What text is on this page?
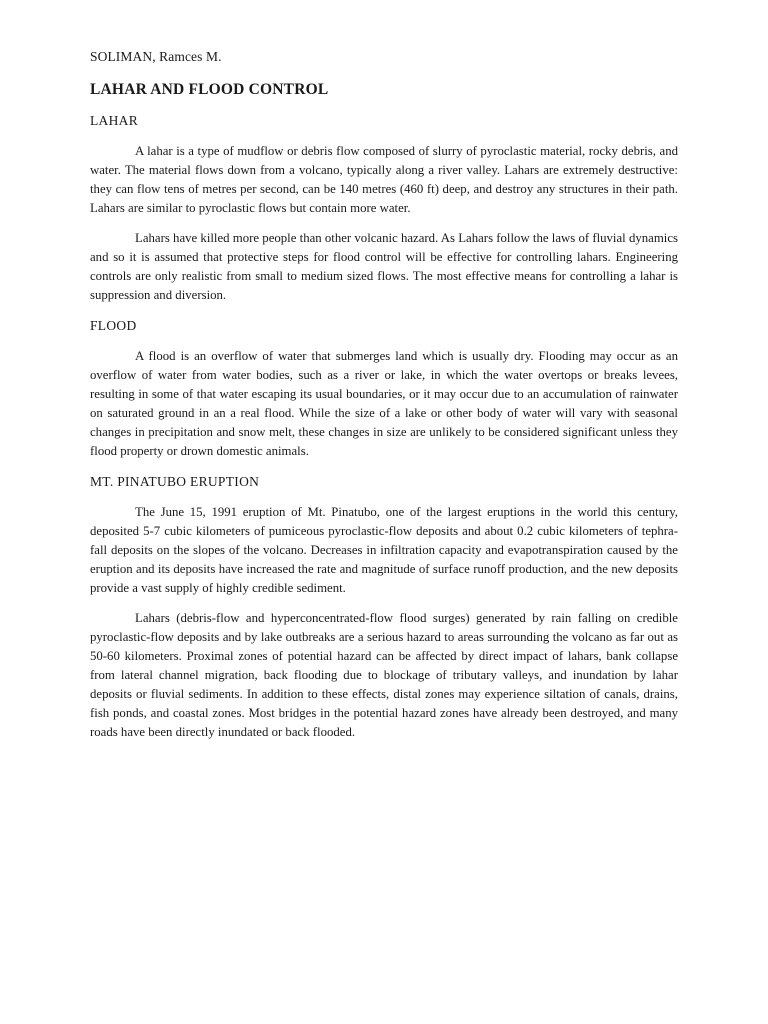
SOLIMAN, Ramces M.

LAHAR AND FLOOD CONTROL
LAHAR

A lahar is a type of mudflow or debris flow composed of slurry of pyroclastic material, rocky debris, and water. The material flows down from a volcano, typically along a river valley. Lahars are extremely destructive: they can flow tens of metres per second, can be 140 metres (460 ft) deep, and destroy any structures in their path. Lahars are similar to pyroclastic flows but contain more water.

Lahars have killed more people than other volcanic hazard. As Lahars follow the laws of fluvial dynamics and so it is assumed that protective steps for flood control will be effective for controlling lahars. Engineering controls are only realistic from small to medium sized flows. The most effective means for controlling a lahar is suppression and diversion.

FLOOD

A flood is an overflow of water that submerges land which is usually dry. Flooding may occur as an overflow of water from water bodies, such as a river or lake, in which the water overtops or breaks levees, resulting in some of that water escaping its usual boundaries, or it may occur due to an accumulation of rainwater on saturated ground in an a real flood. While the size of a lake or other body of water will vary with seasonal changes in precipitation and snow melt, these changes in size are unlikely to be considered significant unless they flood property or drown domestic animals.

MT. PINATUBO ERUPTION

The June 15, 1991 eruption of Mt. Pinatubo, one of the largest eruptions in the world this century, deposited 5-7 cubic kilometers of pumiceous pyroclastic-flow deposits and about 0.2 cubic kilometers of tephra-fall deposits on the slopes of the volcano. Decreases in infiltration capacity and evapotranspiration caused by the eruption and its deposits have increased the rate and magnitude of surface runoff production, and the new deposits provide a vast supply of highly credible sediment.

Lahars (debris-flow and hyperconcentrated-flow flood surges) generated by rain falling on credible pyroclastic-flow deposits and by lake outbreaks are a serious hazard to areas surrounding the volcano as far out as 50-60 kilometers. Proximal zones of potential hazard can be affected by direct impact of lahars, bank collapse from lateral channel migration, back flooding due to blockage of tributary valleys, and inundation by lahar deposits or fluvial sediments. In addition to these effects, distal zones may experience siltation of canals, drains, fish ponds, and coastal zones. Most bridges in the potential hazard zones have already been destroyed, and many roads have been directly inundated or back flooded.
